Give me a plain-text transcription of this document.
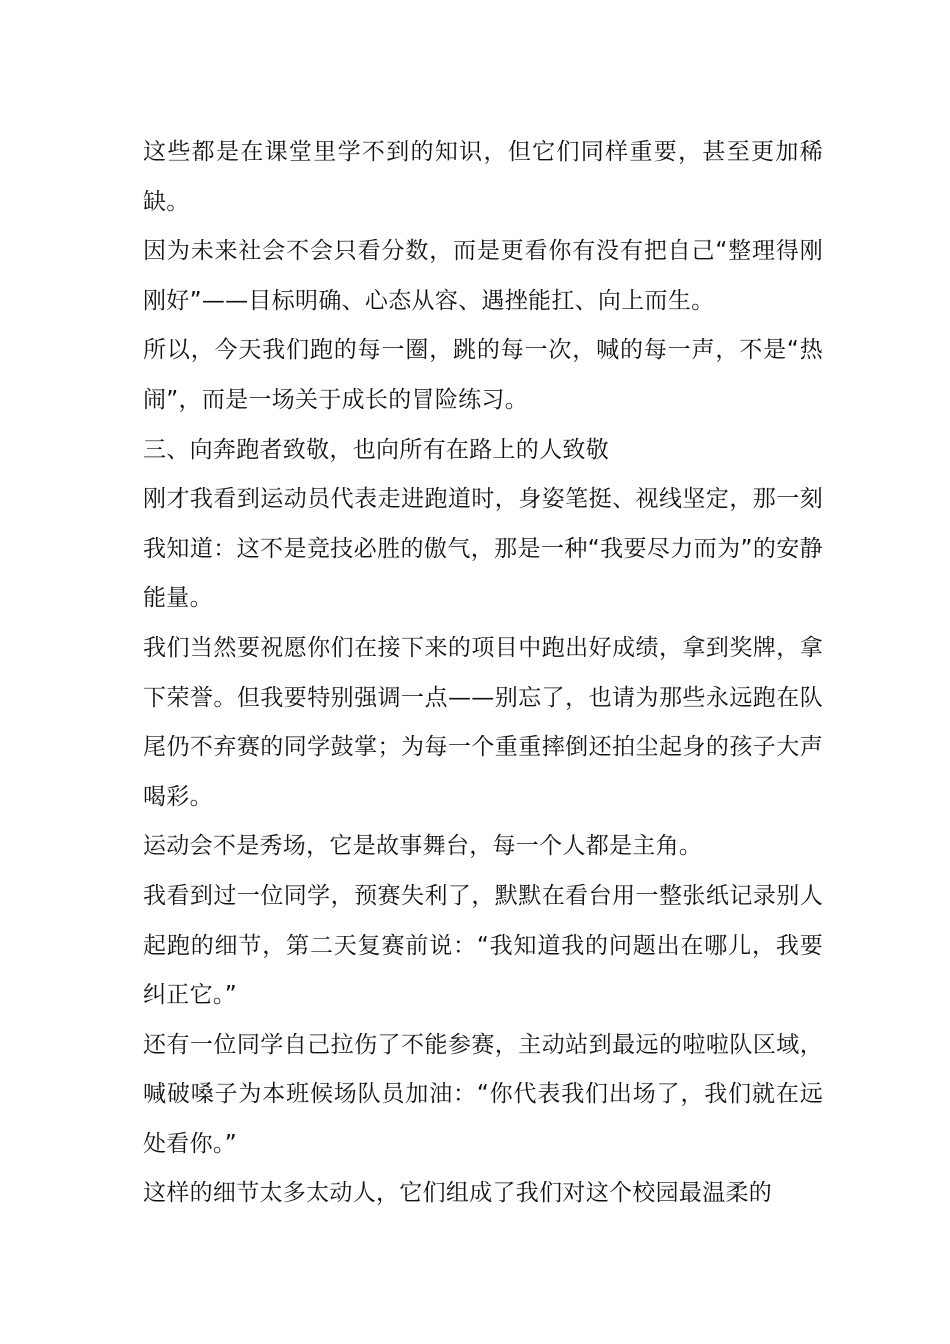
这些都是在课堂里学不到的知识，但它们同样重要，甚至更加稀缺。

因为未来社会不会只看分数，而是更看你有没有把自己“整理得刚刚好”——目标明确、心态从容、遇挫能扛、向上而生。

所以，今天我们跑的每一圈，跳的每一次，喊的每一声，不是“热闹”，而是一场关于成长的冒险练习。

三、向奔跑者致敬，也向所有在路上的人致敬

刚才我看到运动员代表走进跑道时，身姿笔挺、视线坚定，那一刻我知道：这不是竞技必胜的傲气，那是一种“我要尽力而为”的安静能量。

我们当然要祝愿你们在接下来的项目中跑出好成绩，拿到奖牌，拿下荣誉。但我要特别强调一点——别忘了，也请为那些永远跑在队尾仍不弃赛的同学鼓掌；为每一个重重摔倒还拍尘起身的孩子大声喝彩。

运动会不是秀场，它是故事舞台，每一个人都是主角。

我看到过一位同学，预赛失利了，默默在看台用一整张纸记录别人起跑的细节，第二天复赛前说：“我知道我的问题出在哪儿，我要纠正它。”

还有一位同学自己拉伤了不能参赛，主动站到最远的啦啦队区域，喊破嗓子为本班候场队员加油：“你代表我们出场了，我们就在远处看你。”

这样的细节太多太动人，它们组成了我们对这个校园最温柔的
